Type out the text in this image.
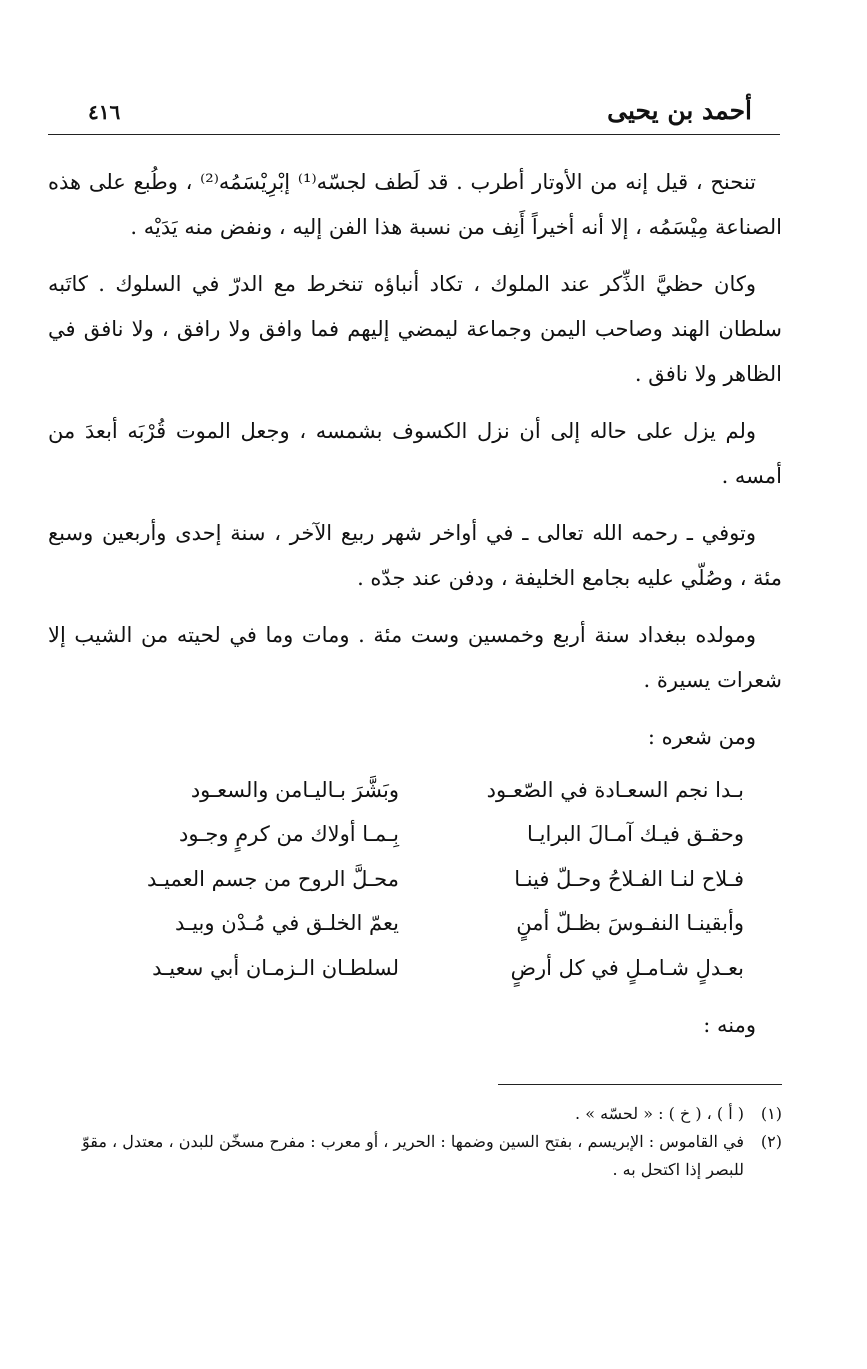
أحمد بن يحيى
٤١٦

تنحنح ، قيل إنه من الأوتار أطرب . قد لَطف لجسّه⁽¹⁾ إبْرِيْسَمُه⁽²⁾ ، وطُبع على هذه الصناعة مِيْسَمُه ، إلا أنه أخيراً أَنِف من نسبة هذا الفن إليه ، ونفض منه يَدَيْه .

وكان حظيَّ الذِّكر عند الملوك ، تكاد أنباؤه تنخرط مع الدرّ في السلوك . كاتَبه سلطان الهند وصاحب اليمن وجماعة ليمضي إليهم فما وافق ولا رافق ، ولا نافق في الظاهر ولا نافق .

ولم يزل على حاله إلى أن نزل الكسوف بشمسه ، وجعل الموت قُرْبَه أبعدَ من أمسه .

وتوفي ـ رحمه الله تعالى ـ في أواخر شهر ربيع الآخر ، سنة إحدى وأربعين وسبع مئة ، وصُلّي عليه بجامع الخليفة ، ودفن عند جدّه .

ومولده ببغداد سنة أربع وخمسين وست مئة . ومات وما في لحيته من الشيب إلا شعرات يسيرة .

ومن شعره :
بـدا نجم السعـادة في الصّعـود
وبَشَّرَ بـاليـامن والسعـود
وحقـق فيـك آمـالَ البرايـا
بِـمـا أولاك من كرمٍ وجـود
فـلاح لنـا الفـلاحُ وحـلّ فينـا
محـلَّ الروح من جسم العميـد
وأبقينـا النفـوسَ بظـلّ أمنٍ
يعمّ الخلـق في مُـدْن وبيـد
بعـدلٍ شـامـلٍ في كل أرضٍ
لسلطـان الـزمـان أبي سعيـد
ومنه :
(١)
( أ ) ، ( خ ) : « لحسّه » .
(٢)
في القاموس : الإبريسم ، بفتح السين وضمها : الحرير ، أو معرب : مفرح مسخّن للبدن ، معتدل ، مقوّ للبصر إذا اكتحل به .
